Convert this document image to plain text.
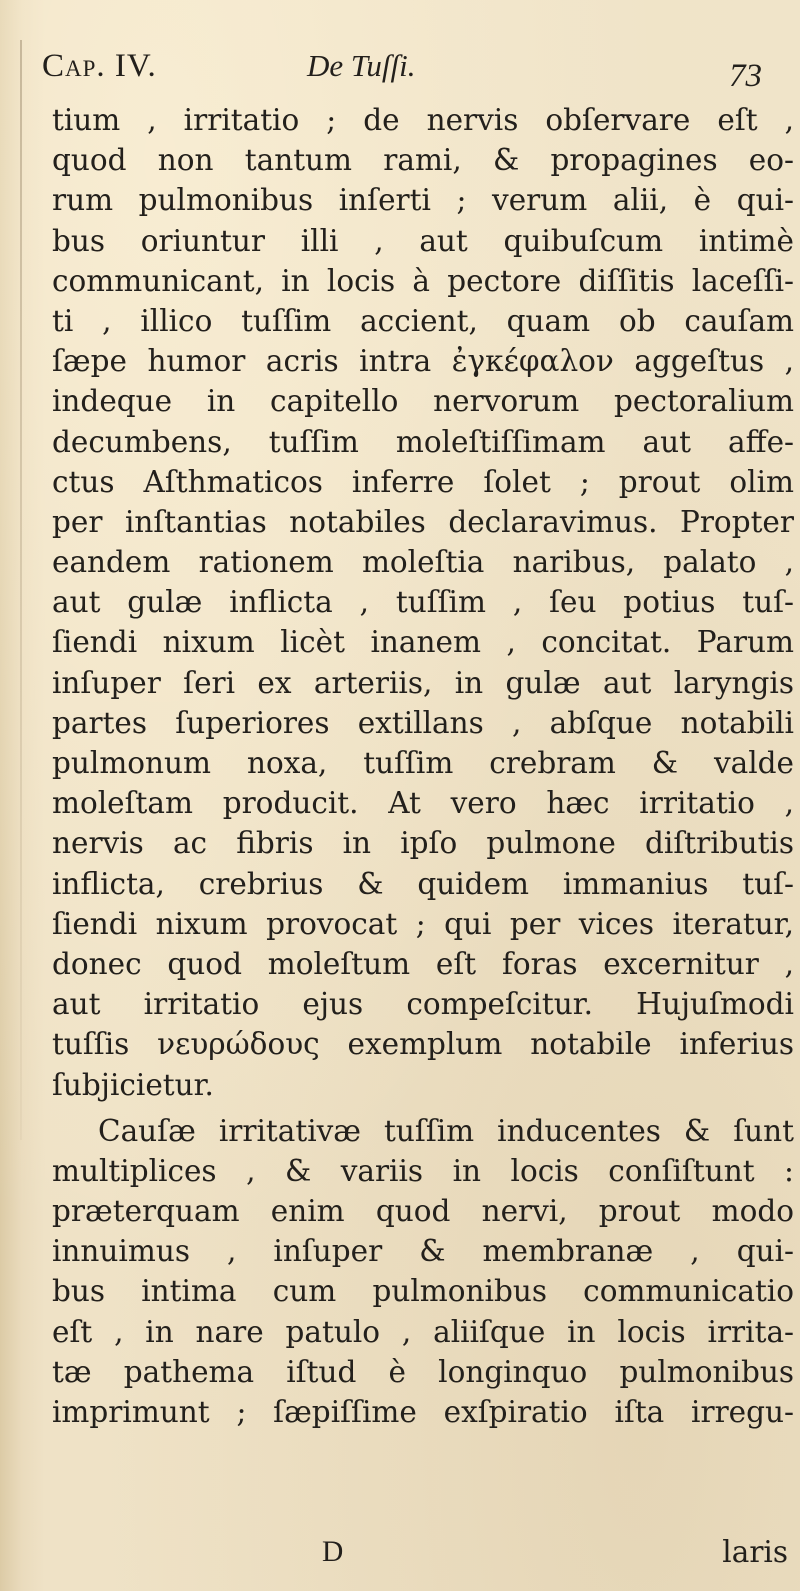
Cap. IV.	De Tuſſi.	73
tium , irritatio ; de nervis obſervare eſt ,
quod non tantum rami, & propagines eo-
rum pulmonibus inſerti ; verum alii, è qui-
bus oriuntur illi , aut quibuſcum intimè
communicant, in locis à pectore diſſitis laceſſi-
ti , illico tuſſim accient, quam ob cauſam
ſæpe humor acris intra ἐγκέφαλον aggeſtus ,
indeque in capitello nervorum pectoralium
decumbens, tuſſim moleſtiſſimam aut affe-
ctus Aſthmaticos inferre ſolet ; prout olim
per inſtantias notabiles declaravimus. Propter
eandem rationem moleſtia naribus, palato ,
aut gulæ inflicta , tuſſim , ſeu potius tuſ-
ſiendi nixum licèt inanem , concitat. Parum
inſuper ſeri ex arteriis, in gulæ aut laryngis
partes ſuperiores extillans , abſque notabili
pulmonum noxa, tuſſim crebram & valde
moleſtam producit. At vero hæc irritatio ,
nervis ac fibris in ipſo pulmone diſtributis
inflicta, crebrius & quidem immanius tuſ-
ſiendi nixum provocat ; qui per vices iteratur,
donec quod moleſtum eſt foras excernitur ,
aut irritatio ejus compeſcitur. Hujuſmodi
tuſſis νευρώδους exemplum notabile inferius
ſubjicietur.
Cauſæ irritativæ tuſſim inducentes & ſunt
multiplices , & variis in locis conſiſtunt :
præterquam enim quod nervi, prout modo
innuimus , inſuper & membranæ , qui-
bus intima cum pulmonibus communicatio
eſt , in nare patulo , aliiſque in locis irrita-
tæ pathema iſtud è longinquo pulmonibus
imprimunt ; ſæpiſſime exſpiratio iſta irregu-
D	laris
